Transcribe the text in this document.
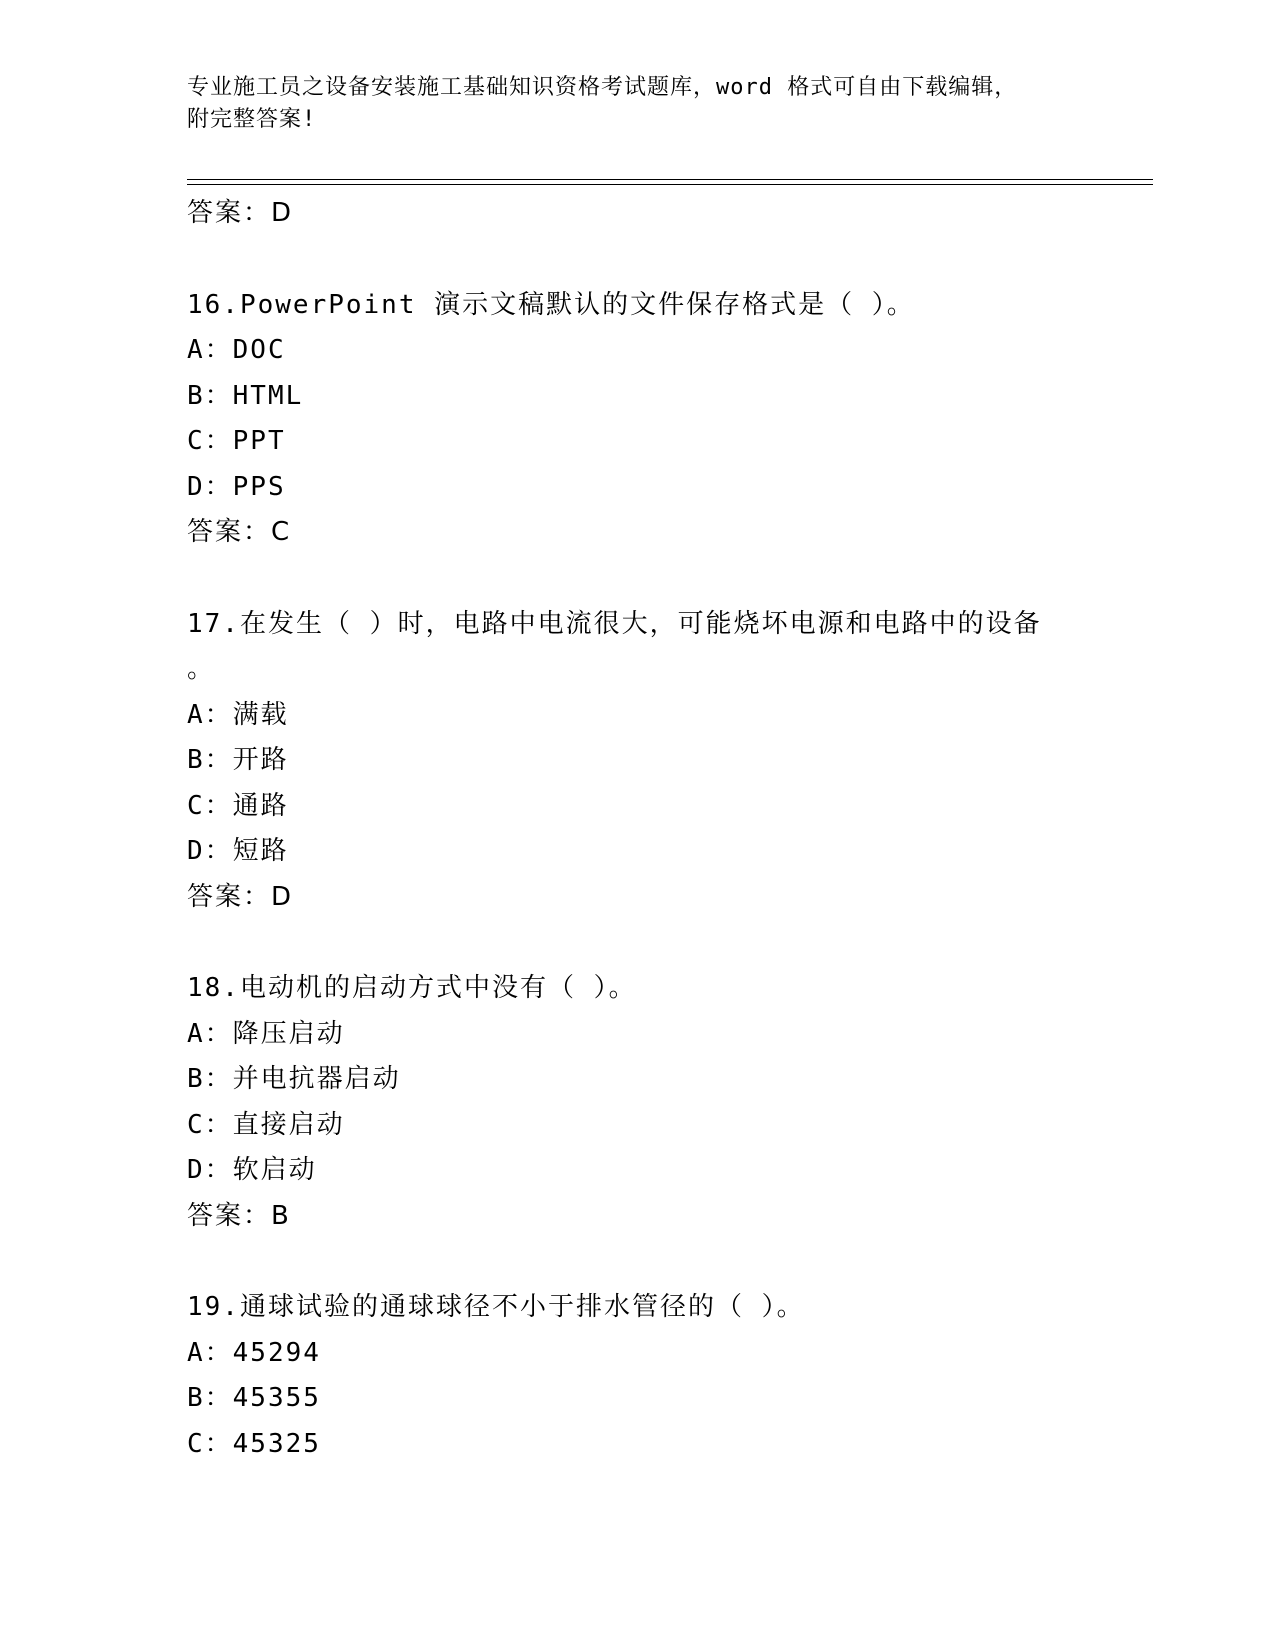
专业施工员之设备安装施工基础知识资格考试题库，word 格式可自由下载编辑，
附完整答案!
答案：D
16.PowerPoint 演示文稿默认的文件保存格式是（ ）。
A：DOC
B：HTML
C：PPT
D：PPS
答案：C
17.在发生（ ）时，电路中电流很大，可能烧坏电源和电路中的设备
。
A：满载
B：开路
C：通路
D：短路
答案：D
18.电动机的启动方式中没有（ ）。
A：降压启动
B：并电抗器启动
C：直接启动
D：软启动
答案：B
19.通球试验的通球球径不小于排水管径的（ ）。
A：45294
B：45355
C：45325
